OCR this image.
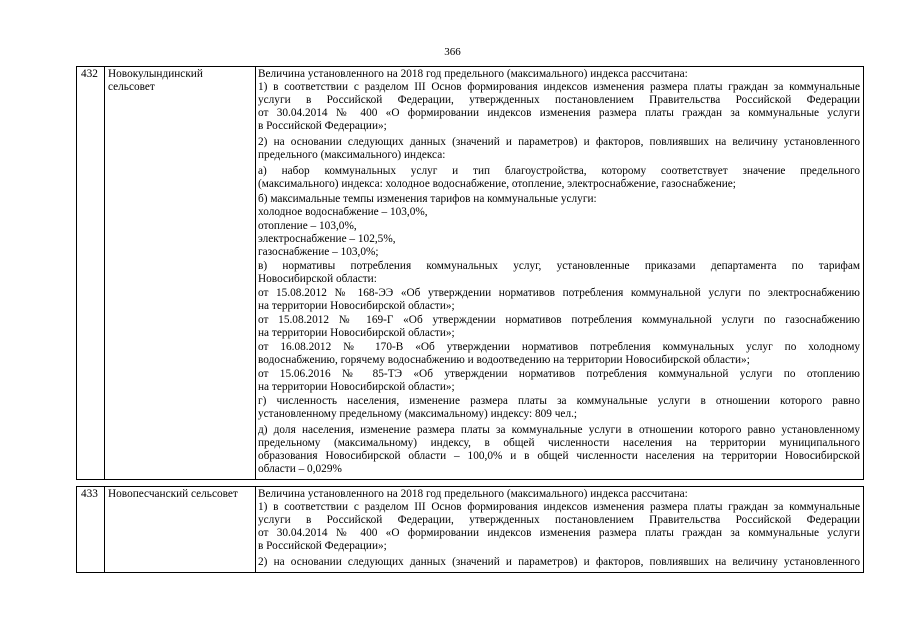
366
432 Новокулындинский
сельсовет
Величина установленного на 2018 год предельного (максимального) индекса рассчитана:
1) в соответствии с разделом III Основ формирования индексов изменения размера платы граждан за коммунальные
услуги в Российской Федерации, утвержденных постановлением Правительства Российской Федерации
от 30.04.2014 № 400 «О формировании индексов изменения размера платы граждан за коммунальные услуги
в Российской Федерации»;
2) на основании следующих данных (значений и параметров) и факторов, повлиявших на величину установленного
предельного (максимального) индекса:
а) набор коммунальных услуг и тип благоустройства, которому соответствует значение предельного
(максимального) индекса: холодное водоснабжение, отопление, электроснабжение, газоснабжение;
б) максимальные темпы изменения тарифов на коммунальные услуги:
холодное водоснабжение – 103,0%,
отопление – 103,0%,
электроснабжение – 102,5%,
газоснабжение – 103,0%;
в) нормативы потребления коммунальных услуг, установленные приказами департамента по тарифам
Новосибирской области:
от 15.08.2012 № 168-ЭЭ «Об утверждении нормативов потребления коммунальной услуги по электроснабжению
на территории Новосибирской области»;
от 15.08.2012 № 169-Г «Об утверждении нормативов потребления коммунальной услуги по газоснабжению
на территории Новосибирской области»;
от 16.08.2012 № 170-В «Об утверждении нормативов потребления коммунальных услуг по холодному
водоснабжению, горячему водоснабжению и водоотведению на территории Новосибирской области»;
от 15.06.2016 № 85-ТЭ «Об утверждении нормативов потребления коммунальной услуги по отоплению
на территории Новосибирской области»;
г) численность населения, изменение размера платы за коммунальные услуги в отношении которого равно
установленному предельному (максимальному) индексу: 809 чел.;
д) доля населения, изменение размера платы за коммунальные услуги в отношении которого равно установленному
предельному (максимальному) индексу, в общей численности населения на территории муниципального
образования Новосибирской области – 100,0% и в общей численности населения на территории Новосибирской
области – 0,029%
433 Новопесчанский сельсовет	Величина установленного на 2018 год предельного (максимального) индекса рассчитана:
1) в соответствии с разделом III Основ формирования индексов изменения размера платы граждан за коммунальные
услуги в Российской Федерации, утвержденных постановлением Правительства Российской Федерации
от 30.04.2014 № 400 «О формировании индексов изменения размера платы граждан за коммунальные услуги
в Российской Федерации»;
2) на основании следующих данных (значений и параметров) и факторов, повлиявших на величину установленного
